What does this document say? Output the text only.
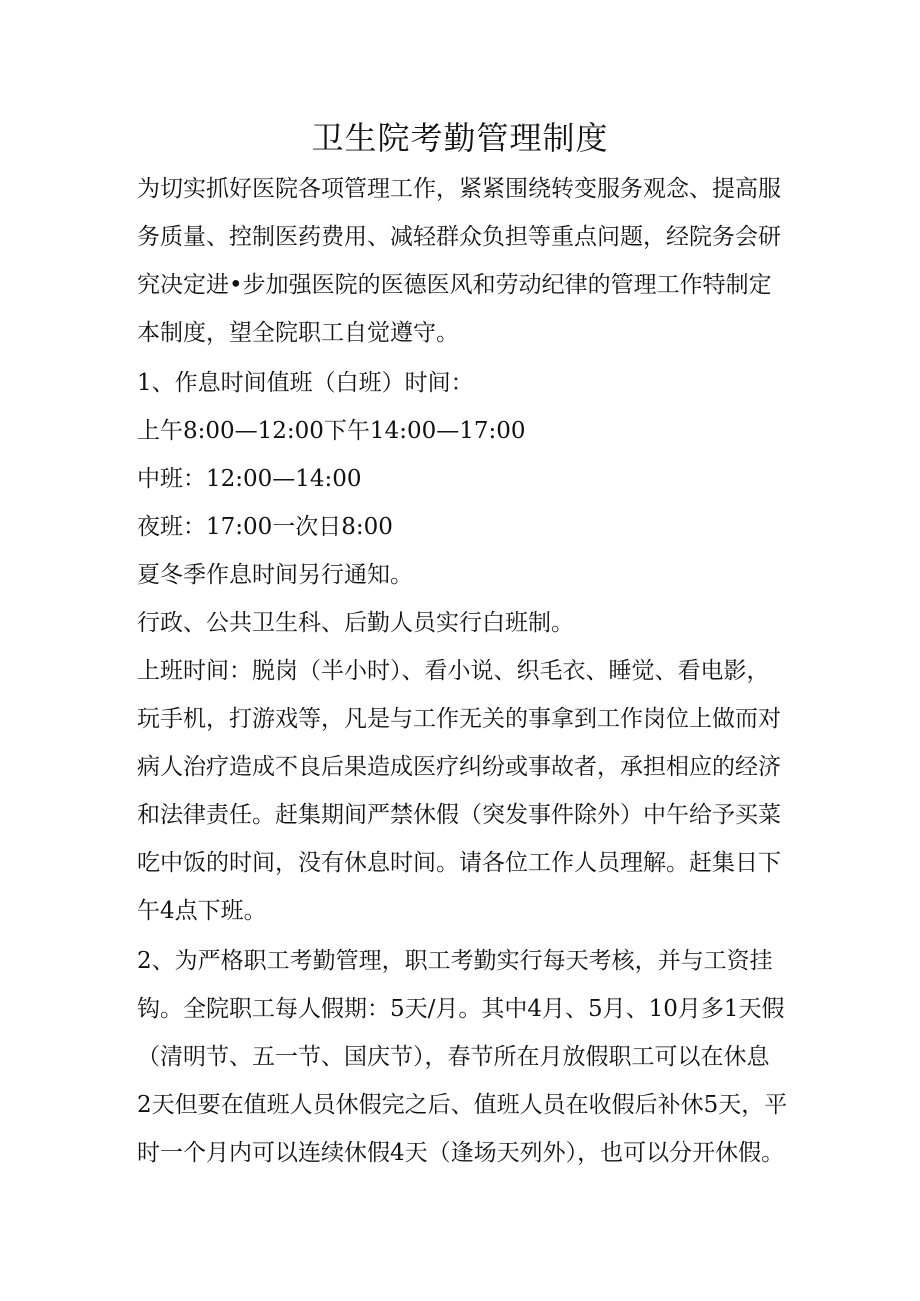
卫生院考勤管理制度

为切实抓好医院各项管理工作，紧紧围绕转变服务观念、提高服

务质量、控制医药费用、减轻群众负担等重点问题，经院务会研

究决定进•步加强医院的医德医风和劳动纪律的管理工作特制定

本制度，望全院职工自觉遵守。

1、作息时间值班（白班）时间：

上午8:00—12:00下午14:00—17:00

中班：12:00—14:00

夜班：17:00一次日8:00

夏冬季作息时间另行通知。

行政、公共卫生科、后勤人员实行白班制。

上班时间：脱岗（半小时）、看小说、织毛衣、睡觉、看电影，

玩手机，打游戏等，凡是与工作无关的事拿到工作岗位上做而对

病人治疗造成不良后果造成医疗纠纷或事故者，承担相应的经济

和法律责任。赶集期间严禁休假（突发事件除外）中午给予买菜

吃中饭的时间，没有休息时间。请各位工作人员理解。赶集日下

午4点下班。

2、为严格职工考勤管理，职工考勤实行每天考核，并与工资挂

钩。全院职工每人假期：5天/月。其中4月、5月、10月多1天假

（清明节、五一节、国庆节），春节所在月放假职工可以在休息

2天但要在值班人员休假完之后、值班人员在收假后补休5天，平

时一个月内可以连续休假4天（逢场天列外），也可以分开休假。
